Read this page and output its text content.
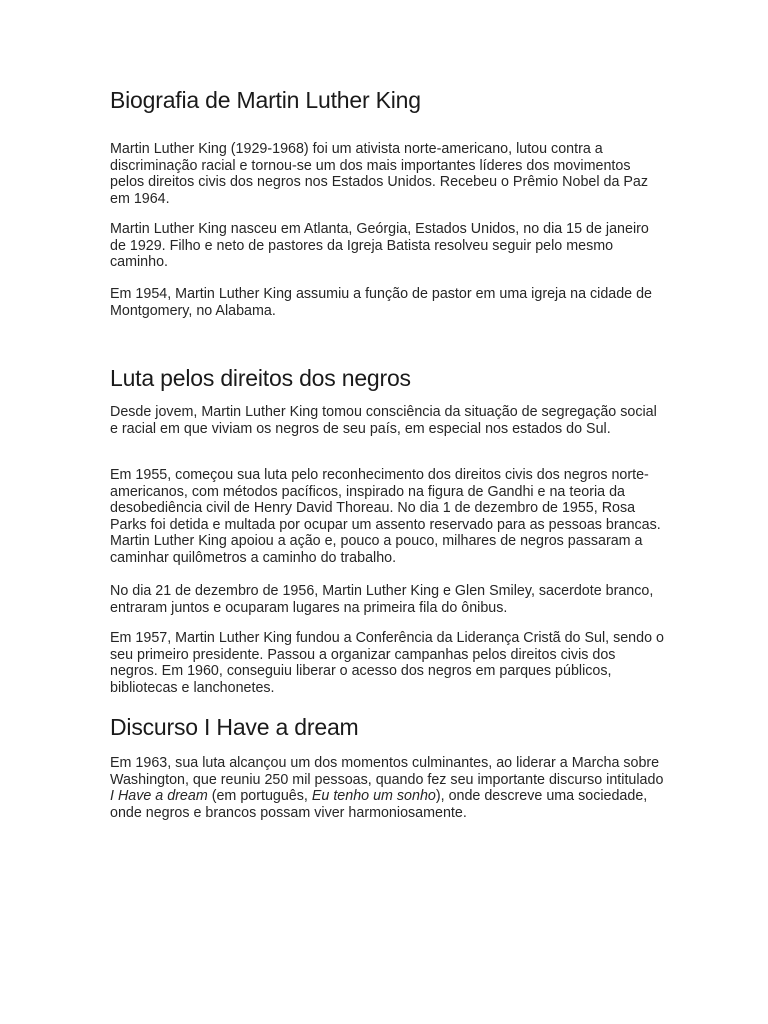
Biografia de Martin Luther King

Martin Luther King (1929-1968) foi um ativista norte-americano, lutou contra a discriminação racial e tornou-se um dos mais importantes líderes dos movimentos pelos direitos civis dos negros nos Estados Unidos. Recebeu o Prêmio Nobel da Paz em 1964.

Martin Luther King nasceu em Atlanta, Geórgia, Estados Unidos, no dia 15 de janeiro de 1929. Filho e neto de pastores da Igreja Batista resolveu seguir pelo mesmo caminho.

Em 1954, Martin Luther King assumiu a função de pastor em uma igreja na cidade de Montgomery, no Alabama.

Luta pelos direitos dos negros

Desde jovem, Martin Luther King tomou consciência da situação de segregação social e racial em que viviam os negros de seu país, em especial nos estados do Sul.

Em 1955, começou sua luta pelo reconhecimento dos direitos civis dos negros norte-americanos, com métodos pacíficos, inspirado na figura de Gandhi e na teoria da desobediência civil de Henry David Thoreau. No dia 1 de dezembro de 1955, Rosa Parks foi detida e multada por ocupar um assento reservado para as pessoas brancas. Martin Luther King apoiou a ação e, pouco a pouco, milhares de negros passaram a caminhar quilômetros a caminho do trabalho.

No dia 21 de dezembro de 1956, Martin Luther King e Glen Smiley, sacerdote branco, entraram juntos e ocuparam lugares na primeira fila do ônibus.

Em 1957, Martin Luther King fundou a Conferência da Liderança Cristã do Sul, sendo o seu primeiro presidente. Passou a organizar campanhas pelos direitos civis dos negros. Em 1960, conseguiu liberar o acesso dos negros em parques públicos, bibliotecas e lanchonetes.

Discurso I Have a dream

Em 1963, sua luta alcançou um dos momentos culminantes, ao liderar a Marcha sobre Washington, que reuniu 250 mil pessoas, quando fez seu importante discurso intitulado I Have a dream (em português, Eu tenho um sonho), onde descreve uma sociedade, onde negros e brancos possam viver harmoniosamente.
